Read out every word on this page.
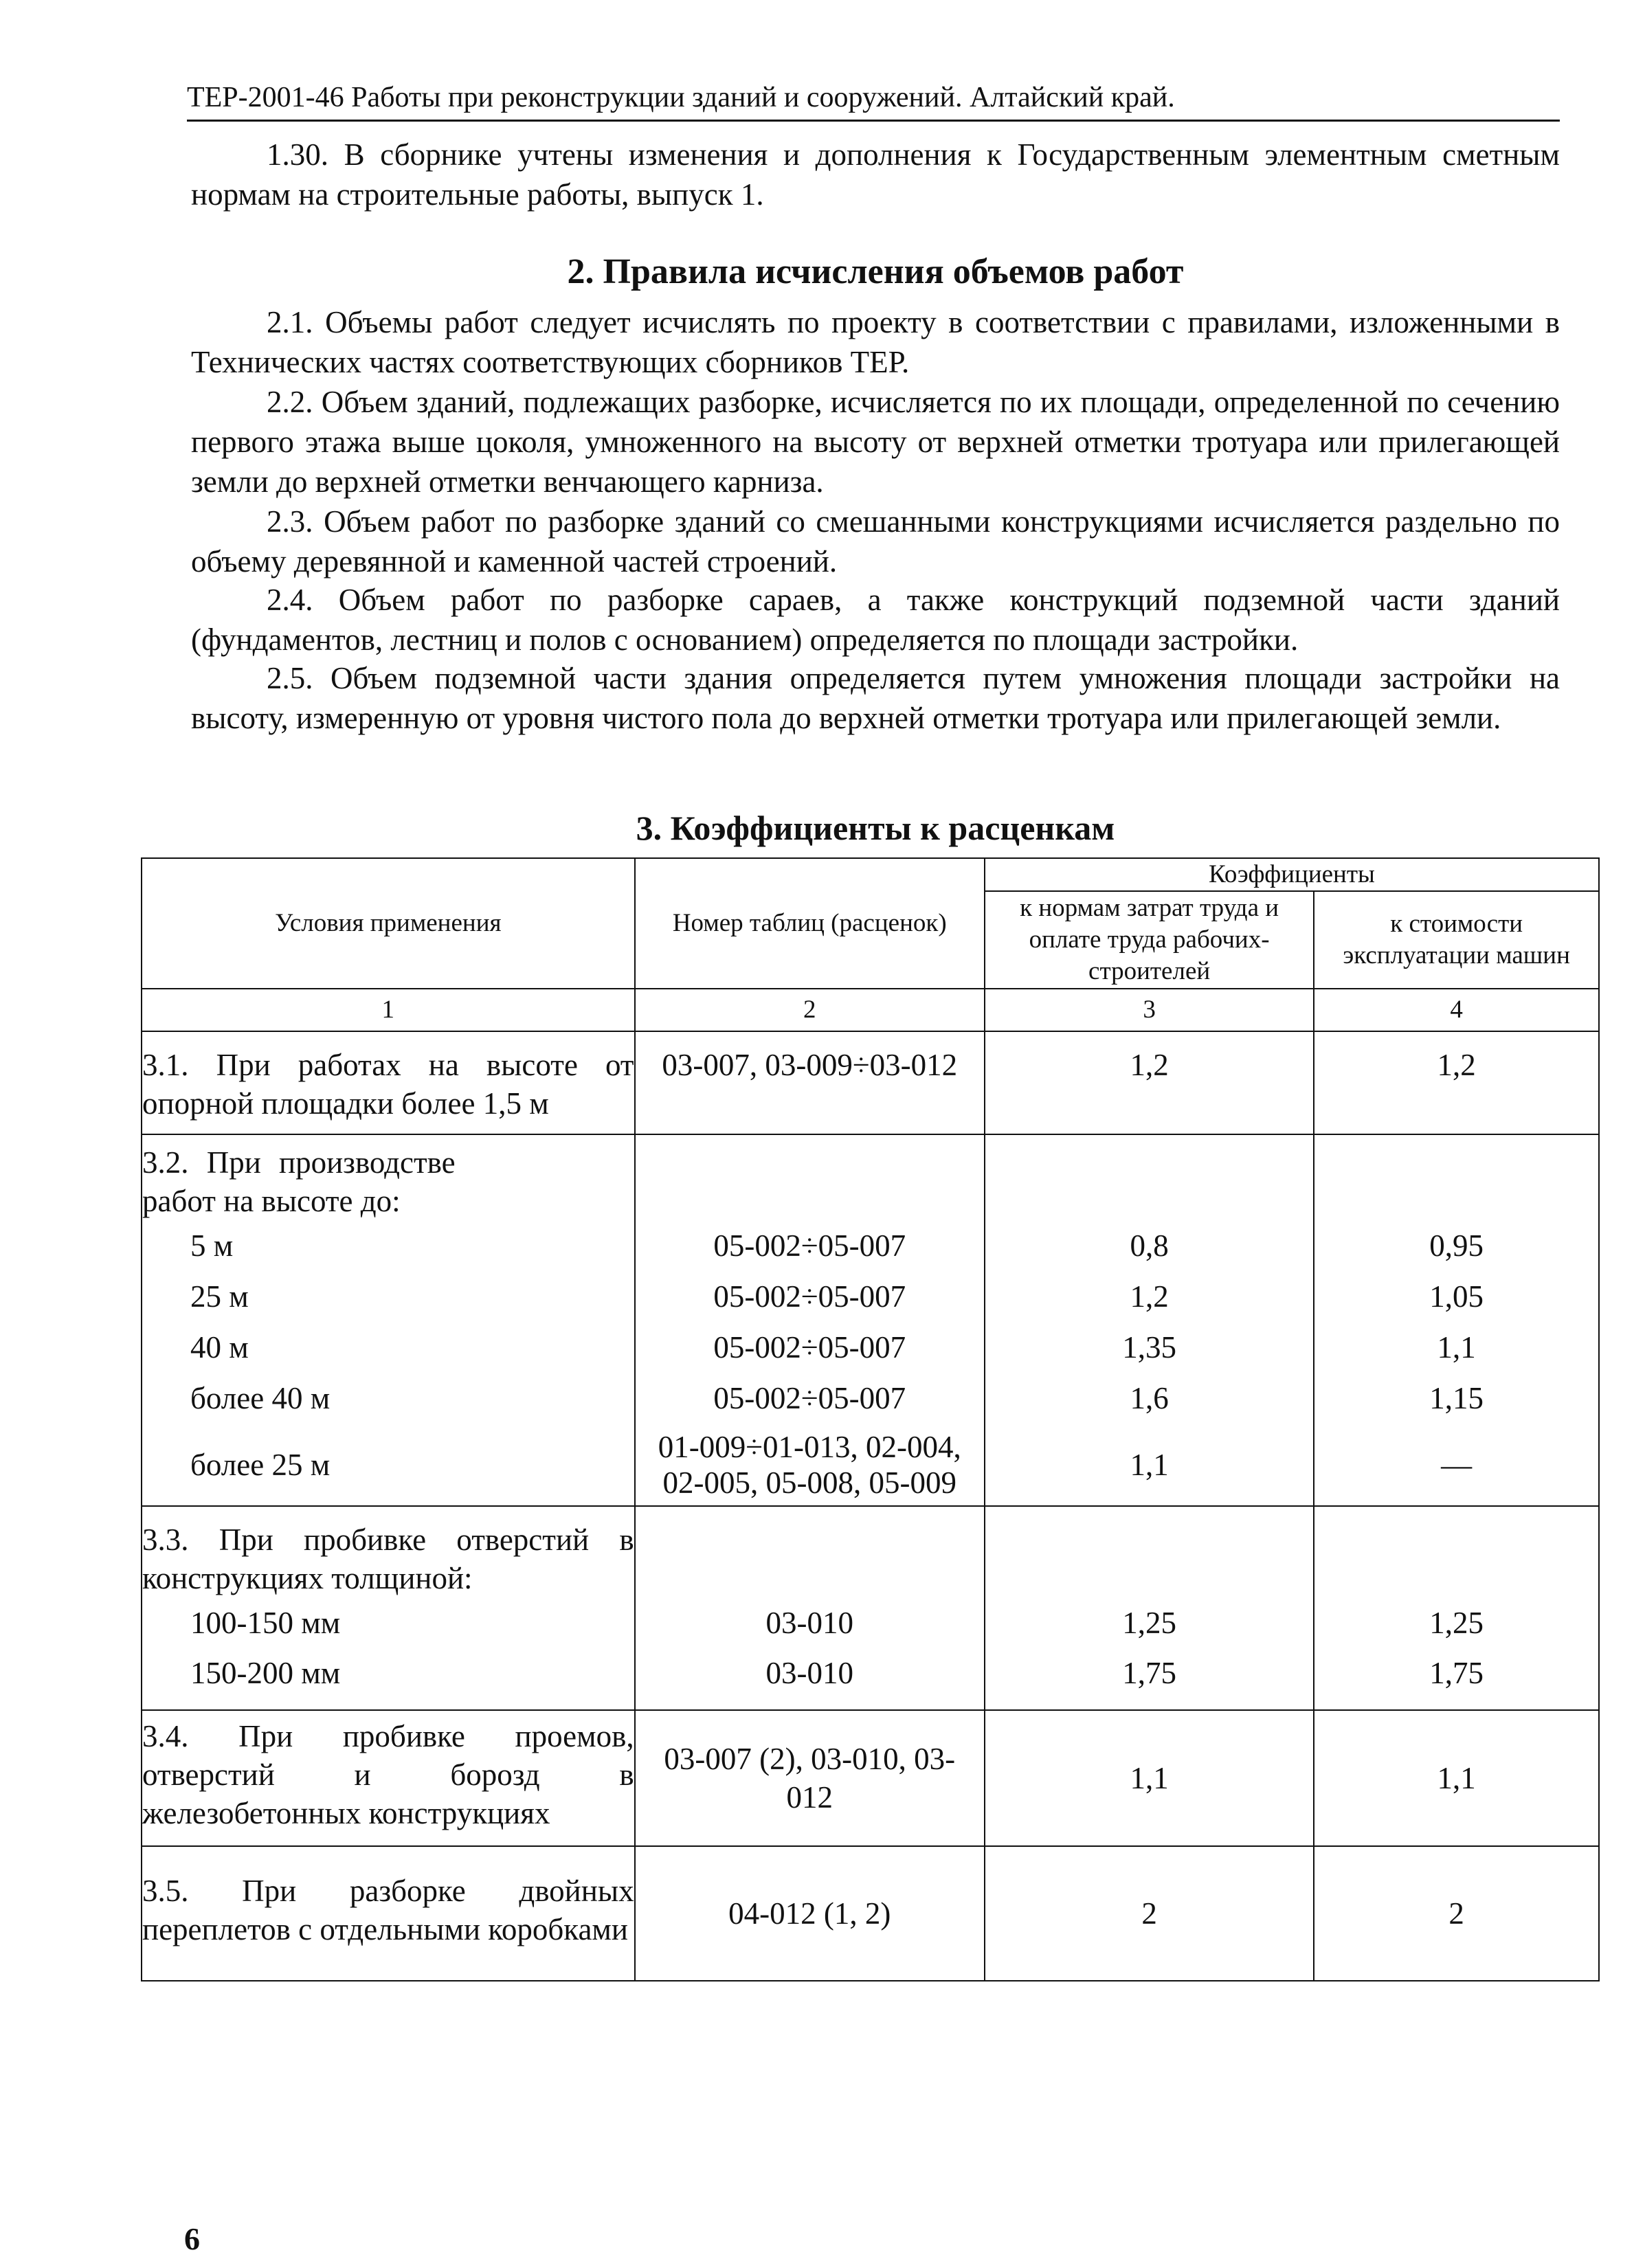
ТЕР-2001-46 Работы при реконструкции зданий и сооружений. Алтайский край.

1.30. В сборнике учтены изменения и дополнения к Государственным элементным сметным нормам на строительные работы, выпуск 1.

2. Правила исчисления объемов работ

2.1. Объемы работ следует исчислять по проекту в соответствии с правилами, изложенными в Технических частях соответствующих сборников ТЕР.

2.2. Объем зданий, подлежащих разборке, исчисляется по их площади, определенной по сечению первого этажа выше цоколя, умноженного на высоту от верхней отметки тротуара или прилегающей земли до верхней отметки венчающего карниза.

2.3. Объем работ по разборке зданий со смешанными конструкциями исчисляется раздельно по объему деревянной и каменной частей строений.

2.4. Объем работ по разборке сараев, а также конструкций подземной части зданий (фундаментов, лестниц и полов с основанием) определяется по площади застройки.

2.5. Объем подземной части здания определяется путем умножения площади застройки на высоту, измеренную от уровня чистого пола до верхней отметки тротуара или прилегающей земли.

3. Коэффициенты к расценкам
Условия применения	Номер таблиц (расценок)	Коэффициенты	
		к нормам затрат труда и оплате труда рабочих-строителей	к стоимости эксплуатации машин
1	2	3	4
3.1. При работах на высоте от опорной площадки более 1,5 м	03-007, 03-009÷03-012	1,2	1,2
3.2. При производстве работ на высоте до:			
5 м	05-002÷05-007	0,8	0,95
25 м	05-002÷05-007	1,2	1,05
40 м	05-002÷05-007	1,35	1,1
более 40 м	05-002÷05-007	1,6	1,15
более 25 м	01-009÷01-013, 02-004, 02-005, 05-008, 05-009	1,1	—
3.3. При пробивке отверстий в конструкциях толщиной:			
100-150 мм	03-010	1,25	1,25
150-200 мм	03-010	1,75	1,75
3.4. При пробивке проемов, отверстий и борозд в железобетонных конструкциях	03-007 (2), 03-010, 03-012	1,1	1,1
3.5. При разборке двойных переплетов с отдельными коробками	04-012 (1, 2)	2	2
6
